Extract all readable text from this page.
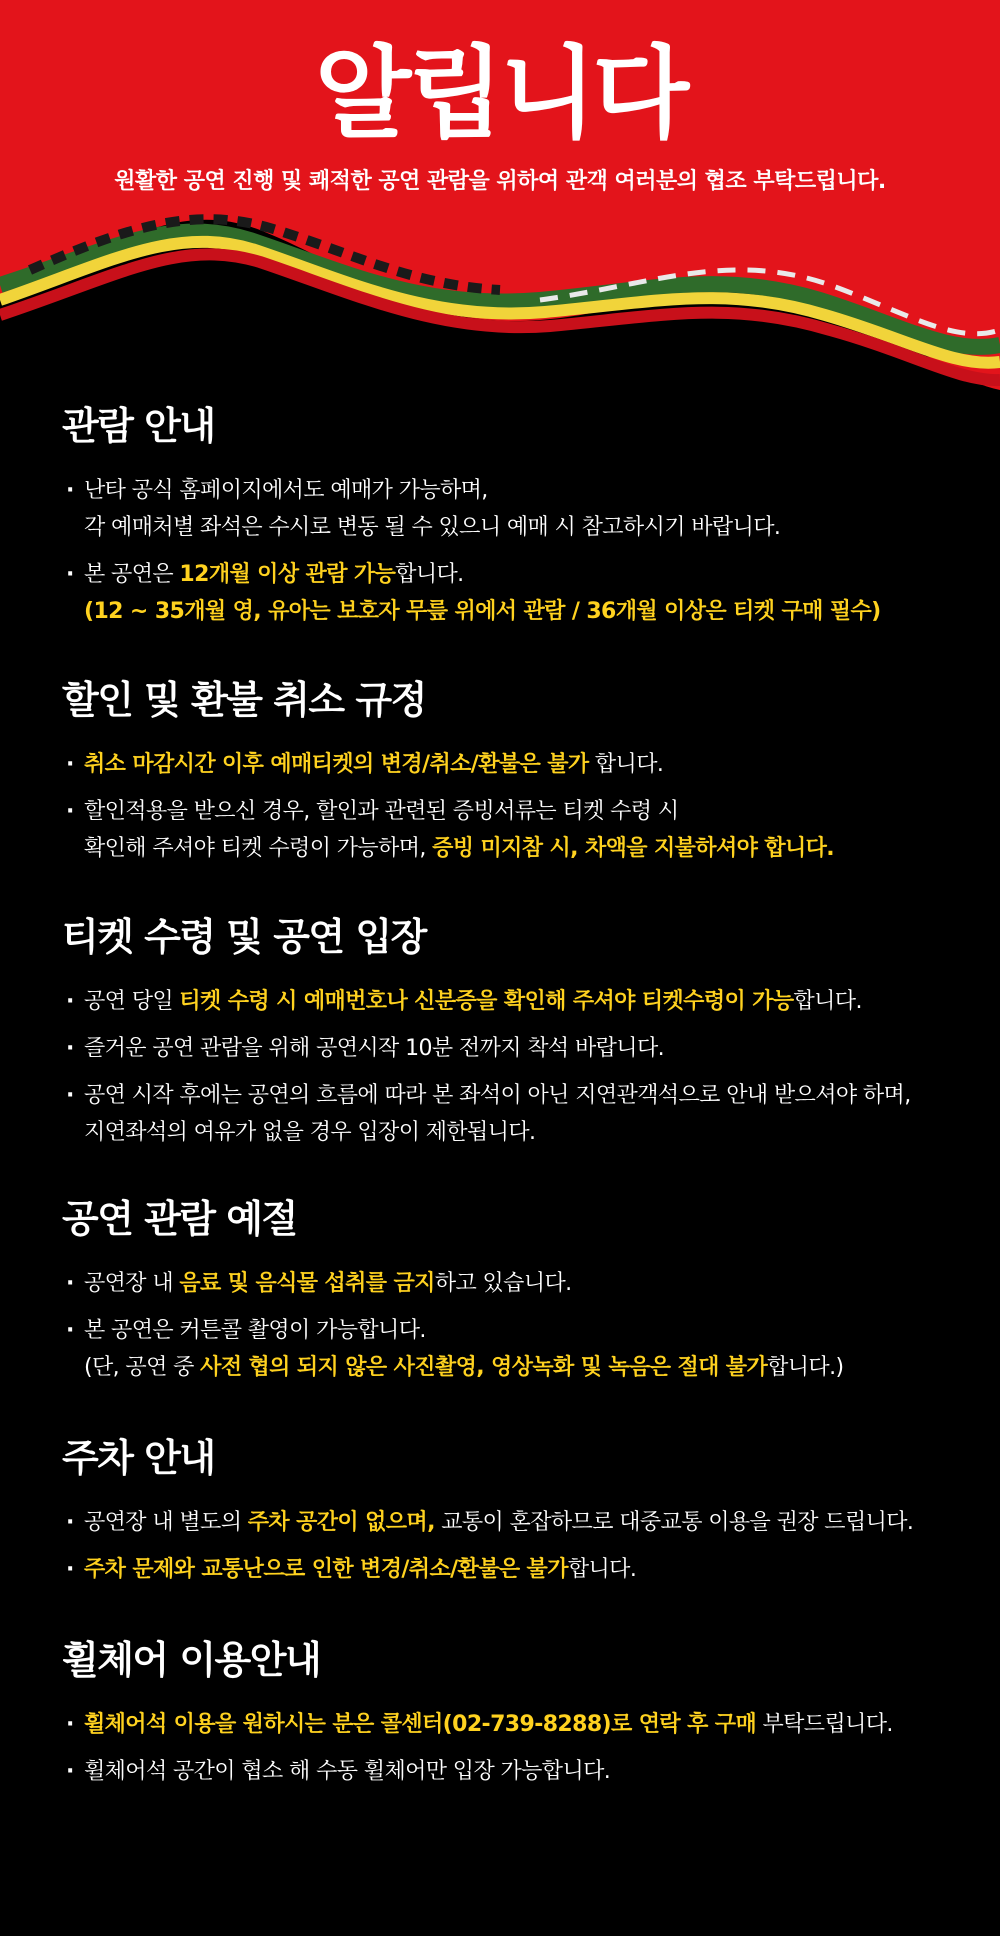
알립니다
원활한 공연 진행 및 쾌적한 공연 관람을 위하여 관객 여러분의 협조 부탁드립니다.
관람 안내
· 난타 공식 홈페이지에서도 예매가 가능하며,
각 예매처별 좌석은 수시로 변동 될 수 있으니 예매 시 참고하시기 바랍니다.
· 본 공연은 12개월 이상 관람 가능합니다.
(12 ~ 35개월 영, 유아는 보호자 무릎 위에서 관람 / 36개월 이상은 티켓 구매 필수)
할인 및 환불 취소 규정
· 취소 마감시간 이후 예매티켓의 변경/취소/환불은 불가 합니다.
· 할인적용을 받으신 경우, 할인과 관련된 증빙서류는 티켓 수령 시
확인해 주셔야 티켓 수령이 가능하며, 증빙 미지참 시, 차액을 지불하셔야 합니다.
티켓 수령 및 공연 입장
· 공연 당일 티켓 수령 시 예매번호나 신분증을 확인해 주셔야 티켓수령이 가능합니다.
· 즐거운 공연 관람을 위해 공연시작 10분 전까지 착석 바랍니다.
· 공연 시작 후에는 공연의 흐름에 따라 본 좌석이 아닌 지연관객석으로 안내 받으셔야 하며,
지연좌석의 여유가 없을 경우 입장이 제한됩니다.
공연 관람 예절
· 공연장 내 음료 및 음식물 섭취를 금지하고 있습니다.
· 본 공연은 커튼콜 촬영이 가능합니다.
(단, 공연 중 사전 협의 되지 않은 사진촬영, 영상녹화 및 녹음은 절대 불가합니다.)
주차 안내
· 공연장 내 별도의 주차 공간이 없으며, 교통이 혼잡하므로 대중교통 이용을 권장 드립니다.
· 주차 문제와 교통난으로 인한 변경/취소/환불은 불가합니다.
휠체어 이용안내
· 휠체어석 이용을 원하시는 분은 콜센터(02-739-8288)로 연락 후 구매 부탁드립니다.
· 휠체어석 공간이 협소 해 수동 휠체어만 입장 가능합니다.
